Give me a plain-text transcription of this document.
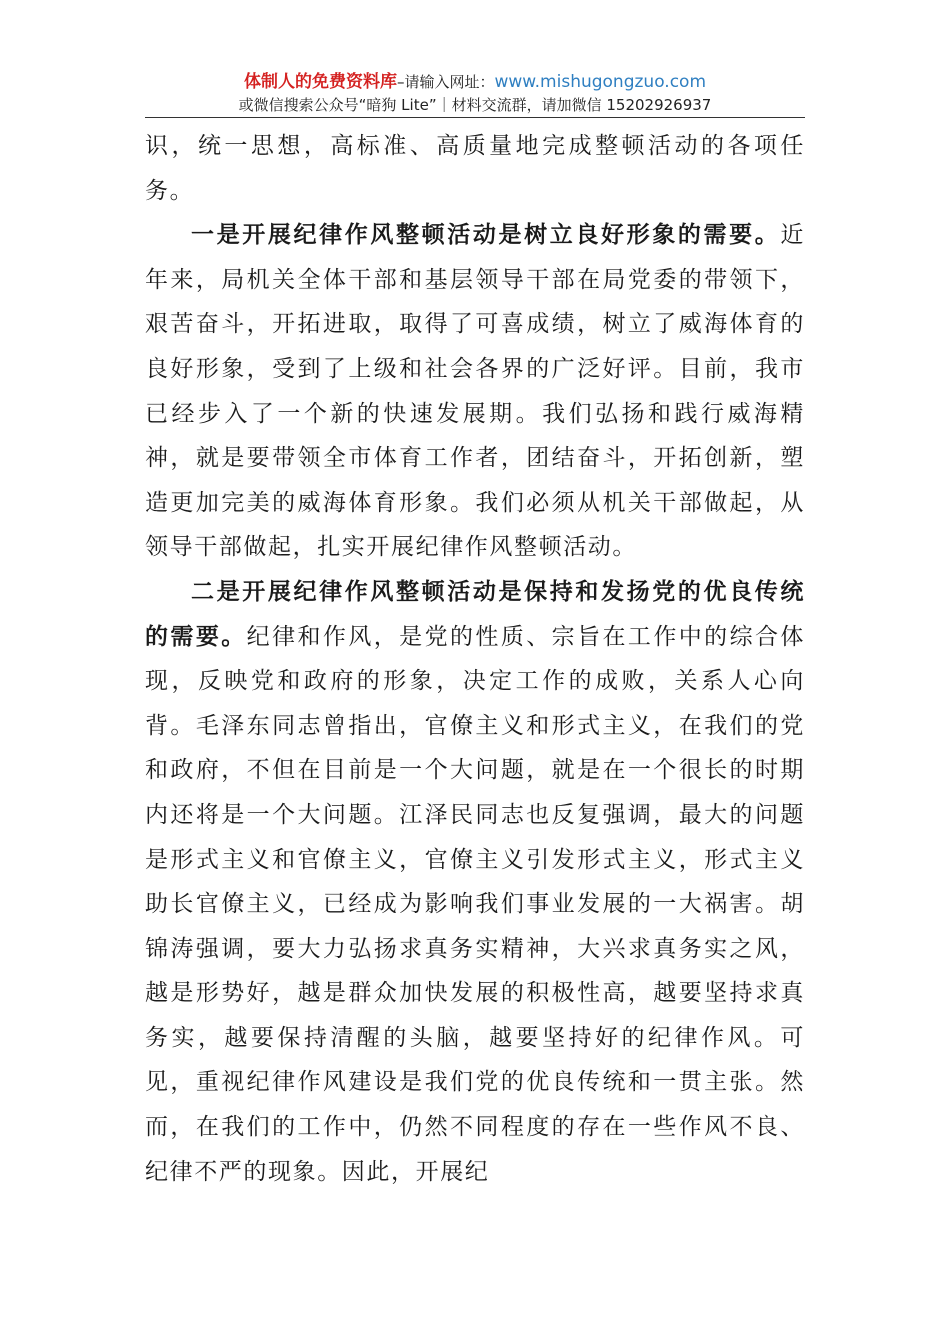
体制人的免费资料库–请输入网址：www.mishugongzuo.com
或微信搜索公众号“暗狗 Lite”｜材料交流群，请加微信 15202926937

识，统一思想，高标准、高质量地完成整顿活动的各项任务。

一是开展纪律作风整顿活动是树立良好形象的需要。近年来，局机关全体干部和基层领导干部在局党委的带领下，艰苦奋斗，开拓进取，取得了可喜成绩，树立了威海体育的良好形象，受到了上级和社会各界的广泛好评。目前，我市已经步入了一个新的快速发展期。我们弘扬和践行威海精神，就是要带领全市体育工作者，团结奋斗，开拓创新，塑造更加完美的威海体育形象。我们必须从机关干部做起，从领导干部做起，扎实开展纪律作风整顿活动。

二是开展纪律作风整顿活动是保持和发扬党的优良传统的需要。纪律和作风，是党的性质、宗旨在工作中的综合体现，反映党和政府的形象，决定工作的成败，关系人心向背。毛泽东同志曾指出，官僚主义和形式主义，在我们的党和政府，不但在目前是一个大问题，就是在一个很长的时期内还将是一个大问题。江泽民同志也反复强调，最大的问题是形式主义和官僚主义，官僚主义引发形式主义，形式主义助长官僚主义，已经成为影响我们事业发展的一大祸害。胡锦涛强调，要大力弘扬求真务实精神，大兴求真务实之风，越是形势好，越是群众加快发展的积极性高，越要坚持求真务实，越要保持清醒的头脑，越要坚持好的纪律作风。可见，重视纪律作风建设是我们党的优良传统和一贯主张。然而，在我们的工作中，仍然不同程度的存在一些作风不良、纪律不严的现象。因此，开展纪
